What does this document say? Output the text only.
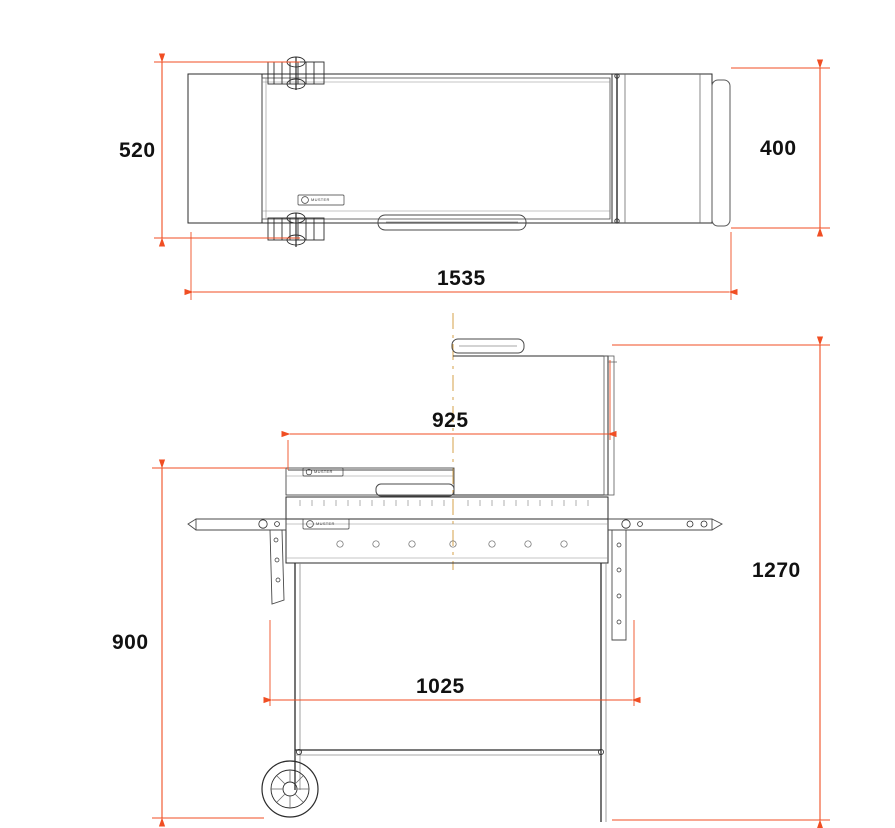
520	400
1535
925
1270
900
1025
MUSTER
MUSTER
MUSTER
